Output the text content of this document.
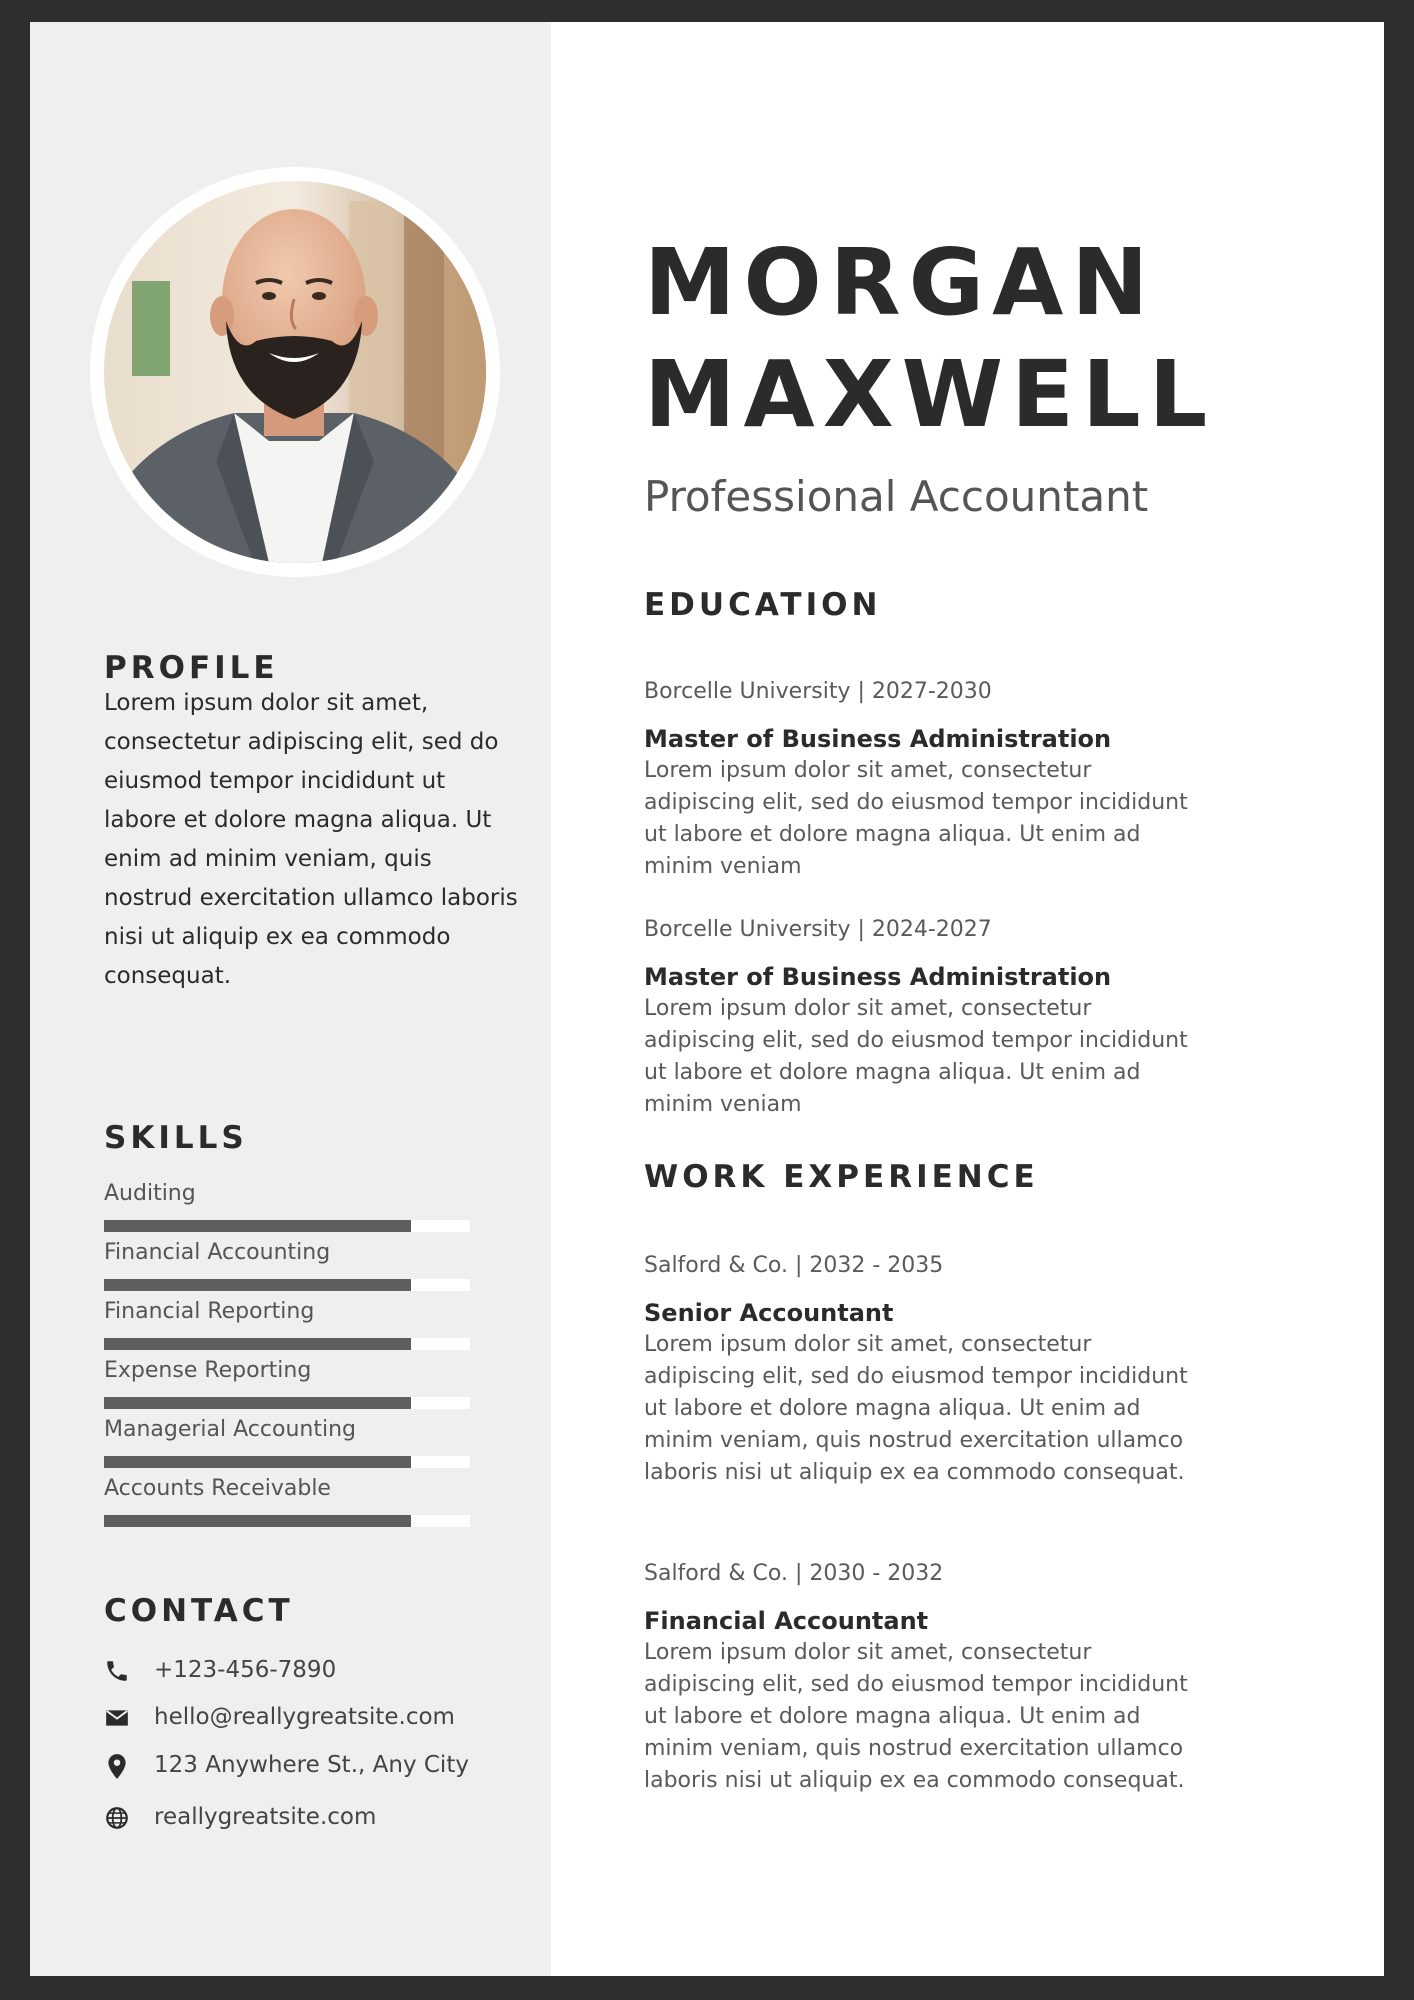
PROFILE

Lorem ipsum dolor sit amet, consectetur adipiscing elit, sed do eiusmod tempor incididunt ut labore et dolore magna aliqua. Ut enim ad minim veniam, quis nostrud exercitation ullamco laboris nisi ut aliquip ex ea commodo consequat.

SKILLS
Auditing
Financial Accounting
Financial Reporting
Expense Reporting
Managerial Accounting
Accounts Receivable
CONTACT
+123-456-7890
hello@reallygreatsite.com
123 Anywhere St., Any City
reallygreatsite.com
MORGAN
MAXWELL

Professional Accountant

EDUCATION

Borcelle University | 2027-2030

Master of Business Administration

Lorem ipsum dolor sit amet, consectetur adipiscing elit, sed do eiusmod tempor incididunt ut labore et dolore magna aliqua. Ut enim ad minim veniam

Borcelle University | 2024-2027

Master of Business Administration

Lorem ipsum dolor sit amet, consectetur adipiscing elit, sed do eiusmod tempor incididunt ut labore et dolore magna aliqua. Ut enim ad minim veniam

WORK EXPERIENCE

Salford & Co. | 2032 - 2035

Senior Accountant

Lorem ipsum dolor sit amet, consectetur adipiscing elit, sed do eiusmod tempor incididunt ut labore et dolore magna aliqua. Ut enim ad minim veniam, quis nostrud exercitation ullamco laboris nisi ut aliquip ex ea commodo consequat.

Salford & Co. | 2030 - 2032

Financial Accountant

Lorem ipsum dolor sit amet, consectetur adipiscing elit, sed do eiusmod tempor incididunt ut labore et dolore magna aliqua. Ut enim ad minim veniam, quis nostrud exercitation ullamco laboris nisi ut aliquip ex ea commodo consequat.
